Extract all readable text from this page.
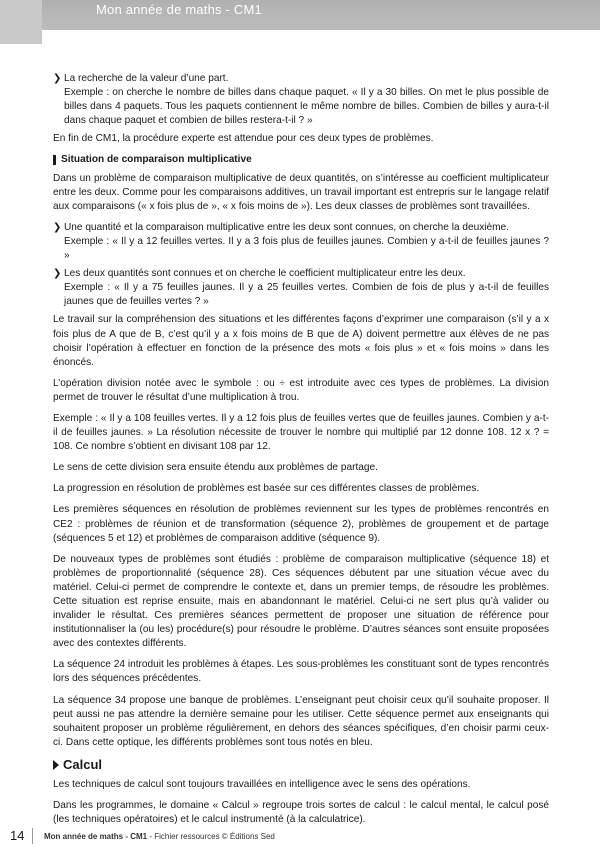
Mon année de maths - CM1
❯ La recherche de la valeur d’une part.
Exemple : on cherche le nombre de billes dans chaque paquet. « Il y a 30 billes. On met le plus possible de billes dans 4 paquets. Tous les paquets contiennent le même nombre de billes. Combien de billes y aura-t-il dans chaque paquet et combien de billes restera-t-il ? »

En fin de CM1, la procédure experte est attendue pour ces deux types de problèmes.

Situation de comparaison multiplicative

Dans un problème de comparaison multiplicative de deux quantités, on s’intéresse au coefficient multiplicateur entre les deux. Comme pour les comparaisons additives, un travail important est entrepris sur le langage relatif aux comparaisons (« x fois plus de », « x fois moins de »). Les deux classes de problèmes sont travaillées.

❯ Une quantité et la comparaison multiplicative entre les deux sont connues, on cherche la deuxième.
Exemple : « Il y a 12 feuilles vertes. Il y a 3 fois plus de feuilles jaunes. Combien y a-t-il de feuilles jaunes ? »
❯ Les deux quantités sont connues et on cherche le coefficient multiplicateur entre les deux.
Exemple : « Il y a 75 feuilles jaunes. Il y a 25 feuilles vertes. Combien de fois de plus y a-t-il de feuilles jaunes que de feuilles vertes ? »

Le travail sur la compréhension des situations et les différentes façons d’exprimer une comparaison (s’il y a x fois plus de A que de B, c’est qu’il y a x fois moins de B que de A) doivent permettre aux élèves de ne pas choisir l’opération à effectuer en fonction de la présence des mots « fois plus » et « fois moins » dans les énoncés.

L’opération division notée avec le symbole : ou ÷ est introduite avec ces types de problèmes. La division permet de trouver le résultat d’une multiplication à trou.

Exemple : « Il y a 108 feuilles vertes. Il y a 12 fois plus de feuilles vertes que de feuilles jaunes. Combien y a-t-il de feuilles jaunes. » La résolution nécessite de trouver le nombre qui multiplié par 12 donne 108. 12 x ? = 108. Ce nombre s’obtient en divisant 108 par 12.

Le sens de cette division sera ensuite étendu aux problèmes de partage.

La progression en résolution de problèmes est basée sur ces différentes classes de problèmes.

Les premières séquences en résolution de problèmes reviennent sur les types de problèmes rencontrés en CE2 : problèmes de réunion et de transformation (séquence 2), problèmes de groupement et de partage (séquences 5 et 12) et problèmes de comparaison additive (séquence 9).

De nouveaux types de problèmes sont étudiés : problème de comparaison multiplicative (séquence 18) et problèmes de proportionnalité (séquence 28). Ces séquences débutent par une situation vécue avec du matériel. Celui-ci permet de comprendre le contexte et, dans un premier temps, de résoudre les problèmes. Cette situation est reprise ensuite, mais en abandonnant le matériel. Celui-ci ne sert plus qu’à valider ou invalider le résultat. Ces premières séances permettent de proposer une situation de référence pour institutionnaliser la (ou les) procédure(s) pour résoudre le problème. D’autres séances sont ensuite proposées avec des contextes différents.

La séquence 24 introduit les problèmes à étapes. Les sous-problèmes les constituant sont de types rencontrés lors des séquences précédentes.

La séquence 34 propose une banque de problèmes. L’enseignant peut choisir ceux qu’il souhaite proposer. Il peut aussi ne pas attendre la dernière semaine pour les utiliser. Cette séquence permet aux enseignants qui souhaitent proposer un problème régulièrement, en dehors des séances spécifiques, d’en choisir parmi ceux-ci. Dans cette optique, les différents problèmes sont tous notés en bleu.

Calcul

Les techniques de calcul sont toujours travaillées en intelligence avec le sens des opérations.

Dans les programmes, le domaine « Calcul » regroupe trois sortes de calcul : le calcul mental, le calcul posé (les techniques opératoires) et le calcul instrumenté (à la calculatrice).

14 Mon année de maths - CM1 - Fichier ressources © Éditions Sed
